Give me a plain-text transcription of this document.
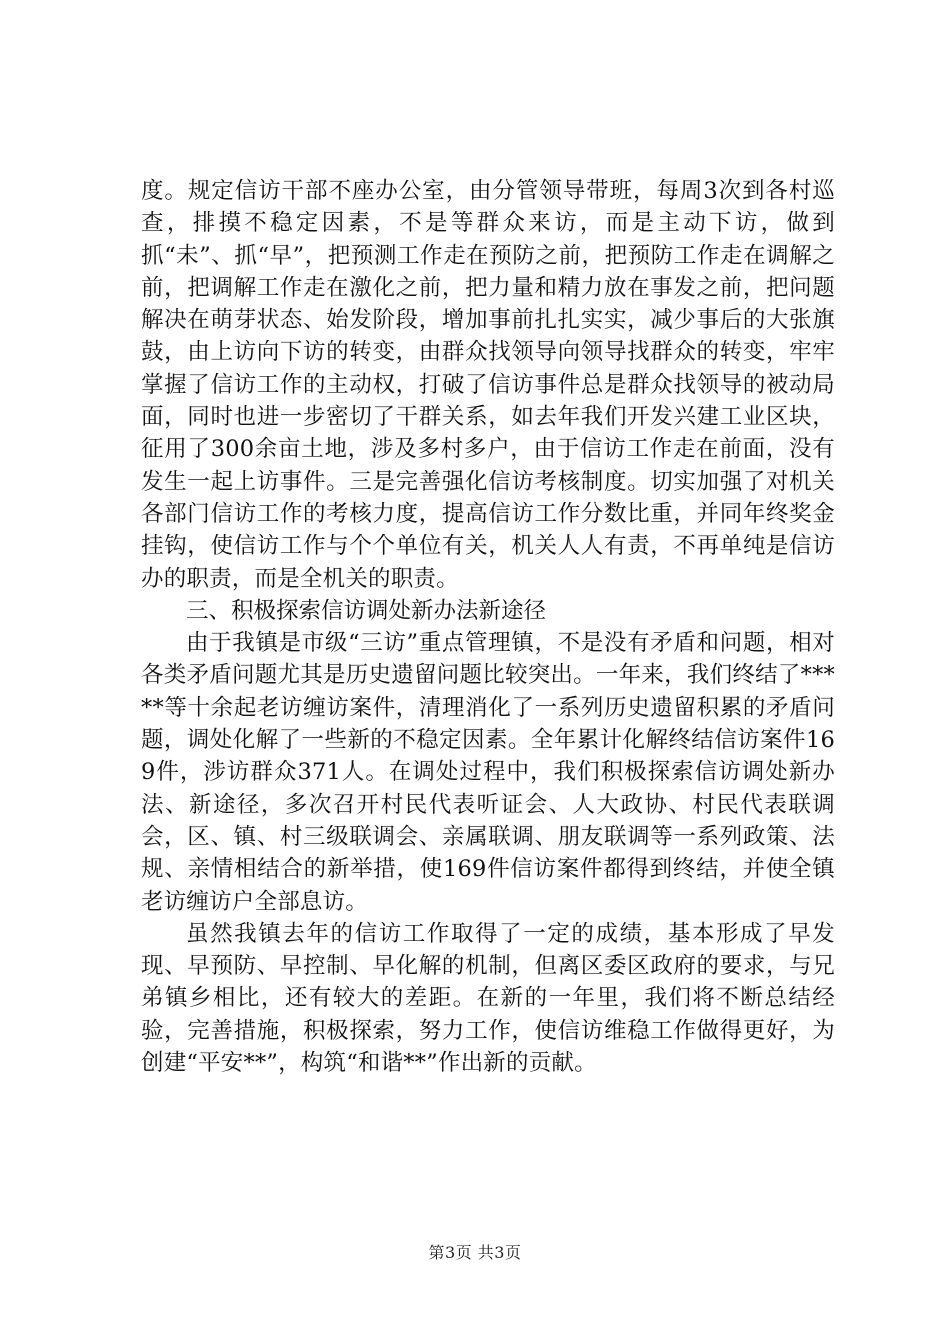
度。规定信访干部不座办公室，由分管领导带班，每周3次到各村巡查，排摸不稳定因素，不是等群众来访，而是主动下访，做到抓“未”、抓“早”，把预测工作走在预防之前，把预防工作走在调解之前，把调解工作走在激化之前，把力量和精力放在事发之前，把问题解决在萌芽状态、始发阶段，增加事前扎扎实实，减少事后的大张旗鼓，由上访向下访的转变，由群众找领导向领导找群众的转变，牢牢掌握了信访工作的主动权，打破了信访事件总是群众找领导的被动局面，同时也进一步密切了干群关系，如去年我们开发兴建工业区块，征用了300余亩土地，涉及多村多户，由于信访工作走在前面，没有发生一起上访事件。三是完善强化信访考核制度。切实加强了对机关各部门信访工作的考核力度，提高信访工作分数比重，并同年终奖金挂钩，使信访工作与个个单位有关，机关人人有责，不再单纯是信访办的职责，而是全机关的职责。

三、积极探索信访调处新办法新途径

由于我镇是市级“三访”重点管理镇，不是没有矛盾和问题，相对各类矛盾问题尤其是历史遗留问题比较突出。一年来，我们终结了*****等十余起老访缠访案件，清理消化了一系列历史遗留积累的矛盾问题，调处化解了一些新的不稳定因素。全年累计化解终结信访案件169件，涉访群众371人。在调处过程中，我们积极探索信访调处新办法、新途径，多次召开村民代表听证会、人大政协、村民代表联调会，区、镇、村三级联调会、亲属联调、朋友联调等一系列政策、法规、亲情相结合的新举措，使169件信访案件都得到终结，并使全镇老访缠访户全部息访。

虽然我镇去年的信访工作取得了一定的成绩，基本形成了早发现、早预防、早控制、早化解的机制，但离区委区政府的要求，与兄弟镇乡相比，还有较大的差距。在新的一年里，我们将不断总结经验，完善措施，积极探索，努力工作，使信访维稳工作做得更好，为创建“平安**”，构筑“和谐**”作出新的贡献。

第3页 共3页
